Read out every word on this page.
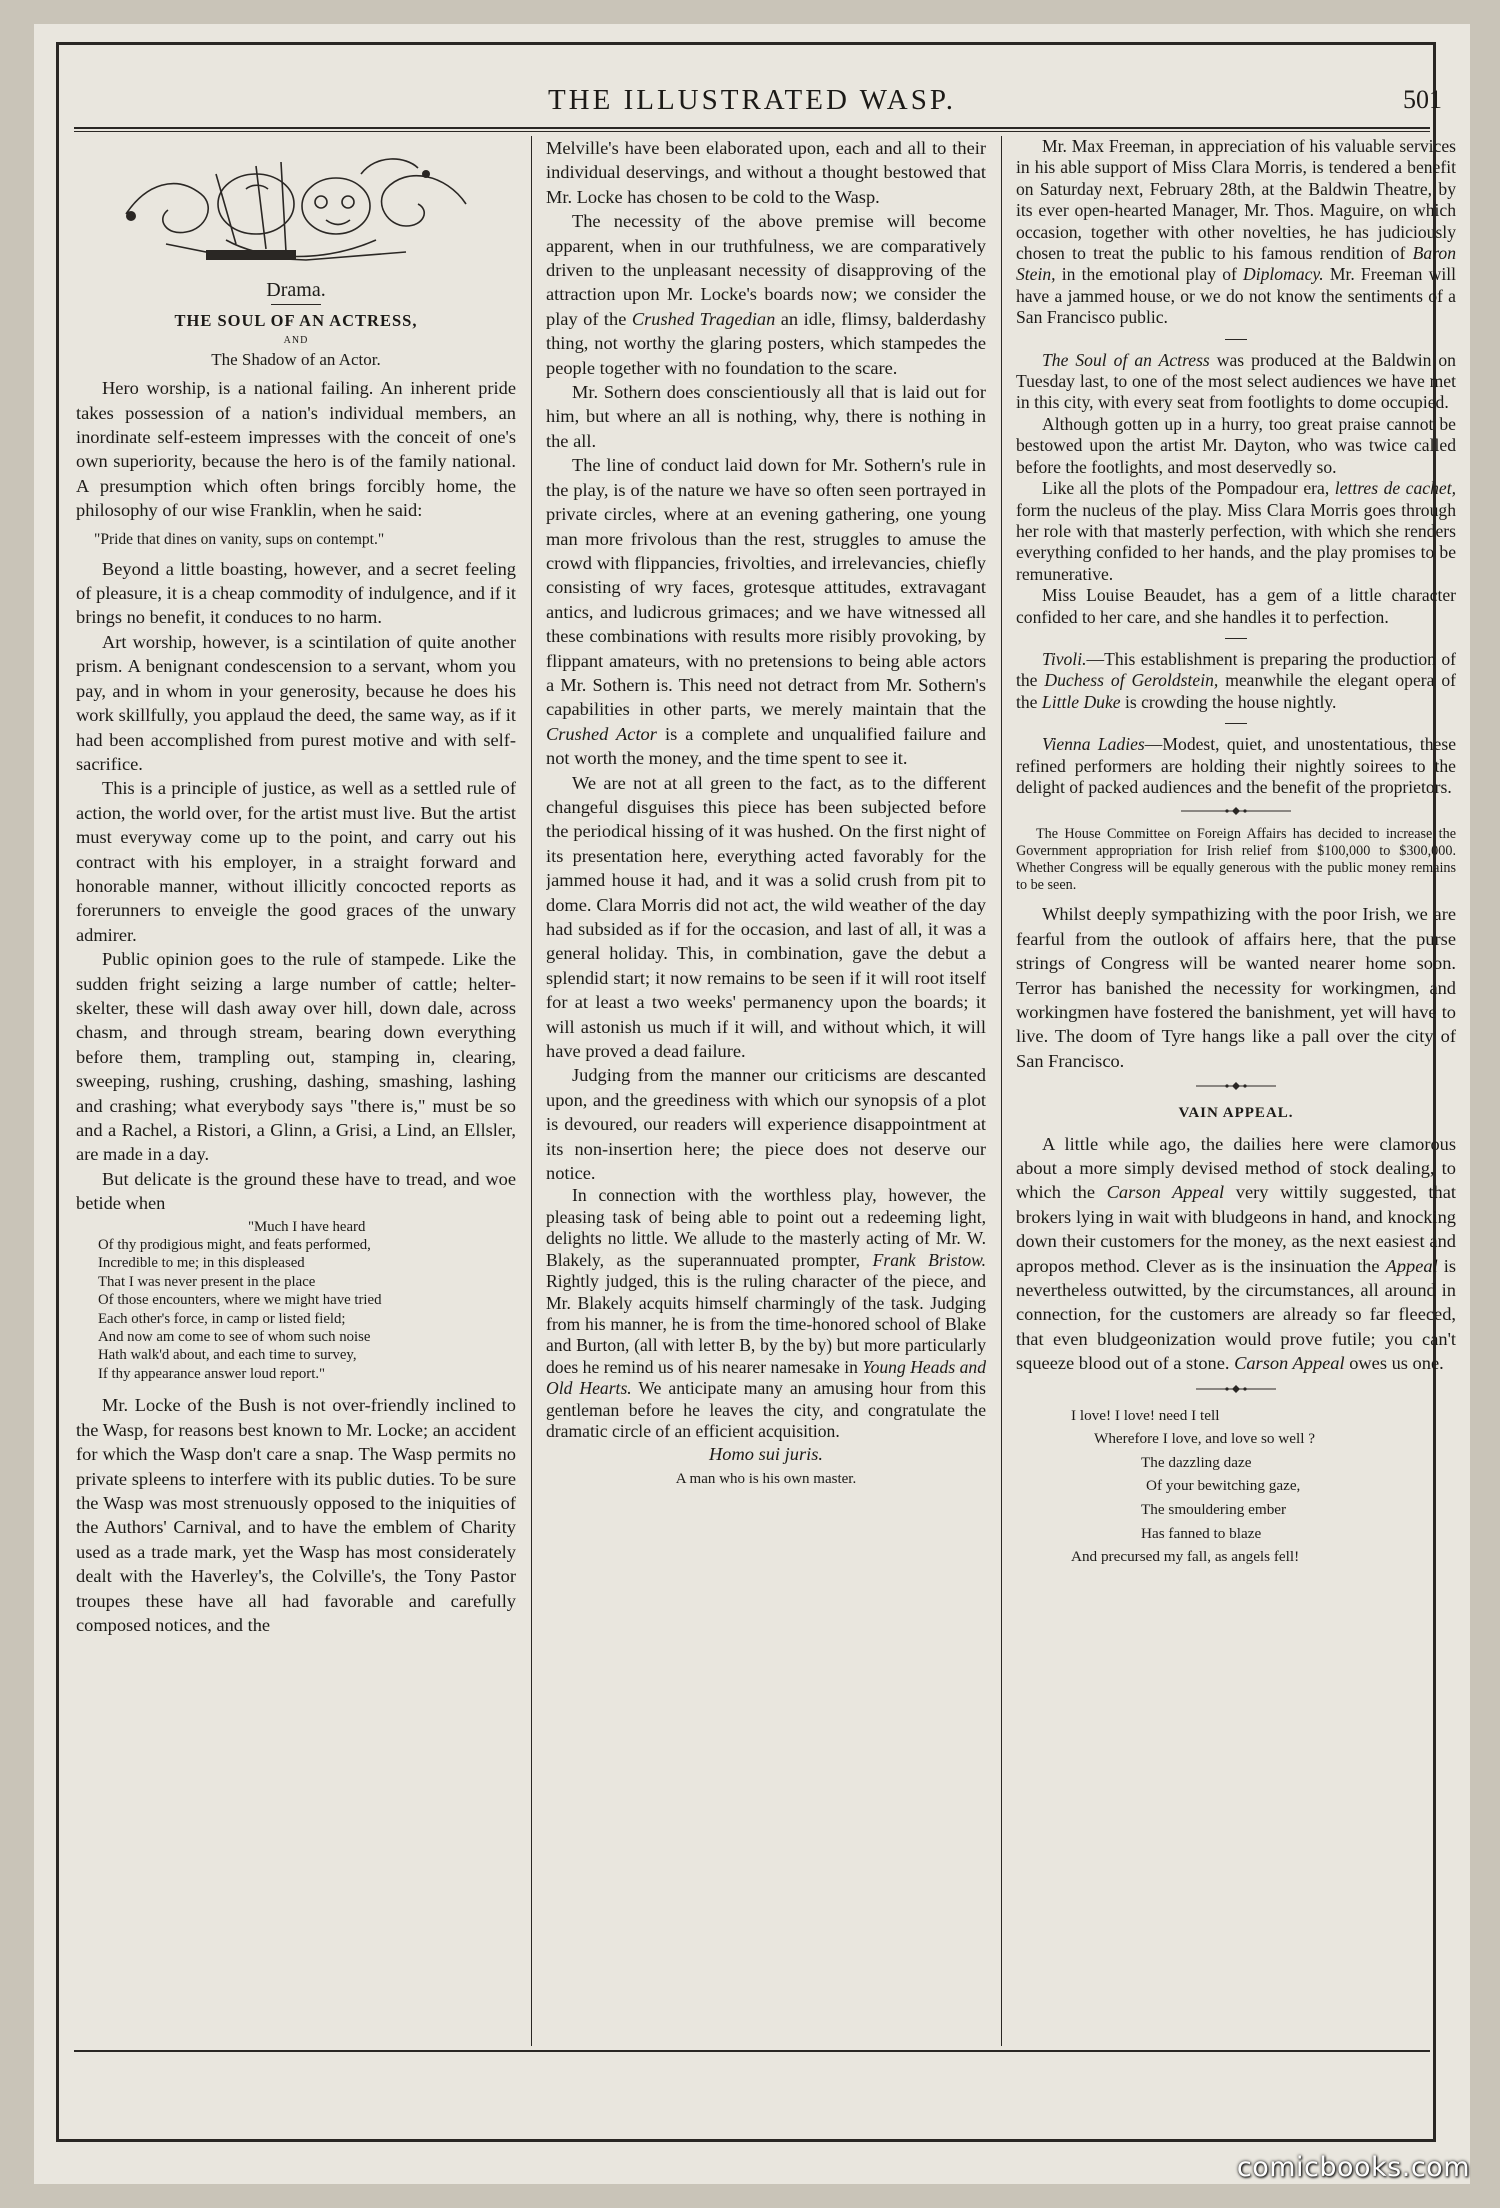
THE ILLUSTRATED WASP.	501
Drama.
THE SOUL OF AN ACTRESS,
AND
The Shadow of an Actor.

Hero worship, is a national failing. An inherent pride takes possession of a nation's individual members, an inordinate self-esteem impresses with the conceit of one's own superiority, because the hero is of the family national. A presumption which often brings forcibly home, the philosophy of our wise Franklin, when he said:

"Pride that dines on vanity, sups on contempt."

Beyond a little boasting, however, and a secret feeling of pleasure, it is a cheap commodity of indulgence, and if it brings no benefit, it conduces to no harm.

Art worship, however, is a scintilation of quite another prism. A benignant condescension to a servant, whom you pay, and in whom in your generosity, because he does his work skillfully, you applaud the deed, the same way, as if it had been accomplished from purest motive and with self-sacrifice.

This is a principle of justice, as well as a settled rule of action, the world over, for the artist must live. But the artist must everyway come up to the point, and carry out his contract with his employer, in a straight forward and honorable manner, without illicitly concocted reports as forerunners to enveigle the good graces of the unwary admirer.

Public opinion goes to the rule of stampede. Like the sudden fright seizing a large number of cattle; helter-skelter, these will dash away over hill, down dale, across chasm, and through stream, bearing down everything before them, trampling out, stamping in, clearing, sweeping, rushing, crushing, dashing, smashing, lashing and crashing; what everybody says "there is," must be so and a Rachel, a Ristori, a Glinn, a Grisi, a Lind, an Ellsler, are made in a day.

But delicate is the ground these have to tread, and woe betide when

"Much I have heard
Of thy prodigious might, and feats performed,
Incredible to me; in this displeased
That I was never present in the place
Of those encounters, where we might have tried
Each other's force, in camp or listed field;
And now am come to see of whom such noise
Hath walk'd about, and each time to survey,
If thy appearance answer loud report."

Mr. Locke of the Bush is not over-friendly inclined to the Wasp, for reasons best known to Mr. Locke; an accident for which the Wasp don't care a snap. The Wasp permits no private spleens to interfere with its public duties. To be sure the Wasp was most strenuously opposed to the iniquities of the Authors' Carnival, and to have the emblem of Charity used as a trade mark, yet the Wasp has most considerately dealt with the Haverley's, the Colville's, the Tony Pastor troupes these have all had favorable and carefully composed notices, and the

Melville's have been elaborated upon, each and all to their individual deservings, and without a thought bestowed that Mr. Locke has chosen to be cold to the Wasp.

The necessity of the above premise will become apparent, when in our truthfulness, we are comparatively driven to the unpleasant necessity of disapproving of the attraction upon Mr. Locke's boards now; we consider the play of the Crushed Tragedian an idle, flimsy, balderdashy thing, not worthy the glaring posters, which stampedes the people together with no foundation to the scare.

Mr. Sothern does conscientiously all that is laid out for him, but where an all is nothing, why, there is nothing in the all.

The line of conduct laid down for Mr. Sothern's rule in the play, is of the nature we have so often seen portrayed in private circles, where at an evening gathering, one young man more frivolous than the rest, struggles to amuse the crowd with flippancies, frivolties, and irrelevancies, chiefly consisting of wry faces, grotesque attitudes, extravagant antics, and ludicrous grimaces; and we have witnessed all these combinations with results more risibly provoking, by flippant amateurs, with no pretensions to being able actors a Mr. Sothern is. This need not detract from Mr. Sothern's capabilities in other parts, we merely maintain that the Crushed Actor is a complete and unqualified failure and not worth the money, and the time spent to see it.

We are not at all green to the fact, as to the different changeful disguises this piece has been subjected before the periodical hissing of it was hushed. On the first night of its presentation here, everything acted favorably for the jammed house it had, and it was a solid crush from pit to dome. Clara Morris did not act, the wild weather of the day had subsided as if for the occasion, and last of all, it was a general holiday. This, in combination, gave the debut a splendid start; it now remains to be seen if it will root itself for at least a two weeks' permanency upon the boards; it will astonish us much if it will, and without which, it will have proved a dead failure.

Judging from the manner our criticisms are descanted upon, and the greediness with which our synopsis of a plot is devoured, our readers will experience disappointment at its non-insertion here; the piece does not deserve our notice.

In connection with the worthless play, however, the pleasing task of being able to point out a redeeming light, delights no little. We allude to the masterly acting of Mr. W. Blakely, as the superannuated prompter, Frank Bristow. Rightly judged, this is the ruling character of the piece, and Mr. Blakely acquits himself charmingly of the task. Judging from his manner, he is from the time-honored school of Blake and Burton, (all with letter B, by the by) but more particularly does he remind us of his nearer namesake in Young Heads and Old Hearts. We anticipate many an amusing hour from this gentleman before he leaves the city, and congratulate the dramatic circle of an efficient acquisition.

Homo sui juris.
A man who is his own master.

Mr. Max Freeman, in appreciation of his valuable services in his able support of Miss Clara Morris, is tendered a benefit on Saturday next, February 28th, at the Baldwin Theatre, by its ever open-hearted Manager, Mr. Thos. Maguire, on which occasion, together with other novelties, he has judiciously chosen to treat the public to his famous rendition of Baron Stein, in the emotional play of Diplomacy. Mr. Freeman will have a jammed house, or we do not know the sentiments of a San Francisco public.

The Soul of an Actress was produced at the Baldwin on Tuesday last, to one of the most select audiences we have met in this city, with every seat from footlights to dome occupied.

Although gotten up in a hurry, too great praise cannot be bestowed upon the artist Mr. Dayton, who was twice called before the footlights, and most deservedly so.

Like all the plots of the Pompadour era, lettres de cachet, form the nucleus of the play. Miss Clara Morris goes through her role with that masterly perfection, with which she renders everything confided to her hands, and the play promises to be remunerative.

Miss Louise Beaudet, has a gem of a little character confided to her care, and she handles it to perfection.

Tivoli.—This establishment is preparing the production of the Duchess of Geroldstein, meanwhile the elegant opera of the Little Duke is crowding the house nightly.

Vienna Ladies—Modest, quiet, and unostentatious, these refined performers are holding their nightly soirees to the delight of packed audiences and the benefit of the proprietors.

The House Committee on Foreign Affairs has decided to increase the Government appropriation for Irish relief from $100,000 to $300,000. Whether Congress will be equally generous with the public money remains to be seen.

Whilst deeply sympathizing with the poor Irish, we are fearful from the outlook of affairs here, that the purse strings of Congress will be wanted nearer home soon. Terror has banished the necessity for workingmen, and workingmen have fostered the banishment, yet will have to live. The doom of Tyre hangs like a pall over the city of San Francisco.

VAIN APPEAL.

A little while ago, the dailies here were clamorous about a more simply devised method of stock dealing, to which the Carson Appeal very wittily suggested, that brokers lying in wait with bludgeons in hand, and knocking down their customers for the money, as the next easiest and apropos method. Clever as is the insinuation the Appeal is nevertheless outwitted, by the circumstances, all around in connection, for the customers are already so far fleeced, that even bludgeonization would prove futile; you can't squeeze blood out of a stone. Carson Appeal owes us one.

I love! I love! need I tell
Wherefore I love, and love so well ?
The dazzling daze
Of your bewitching gaze,
The smouldering ember
Has fanned to blaze
And precursed my fall, as angels fell!
comicbooks.com
